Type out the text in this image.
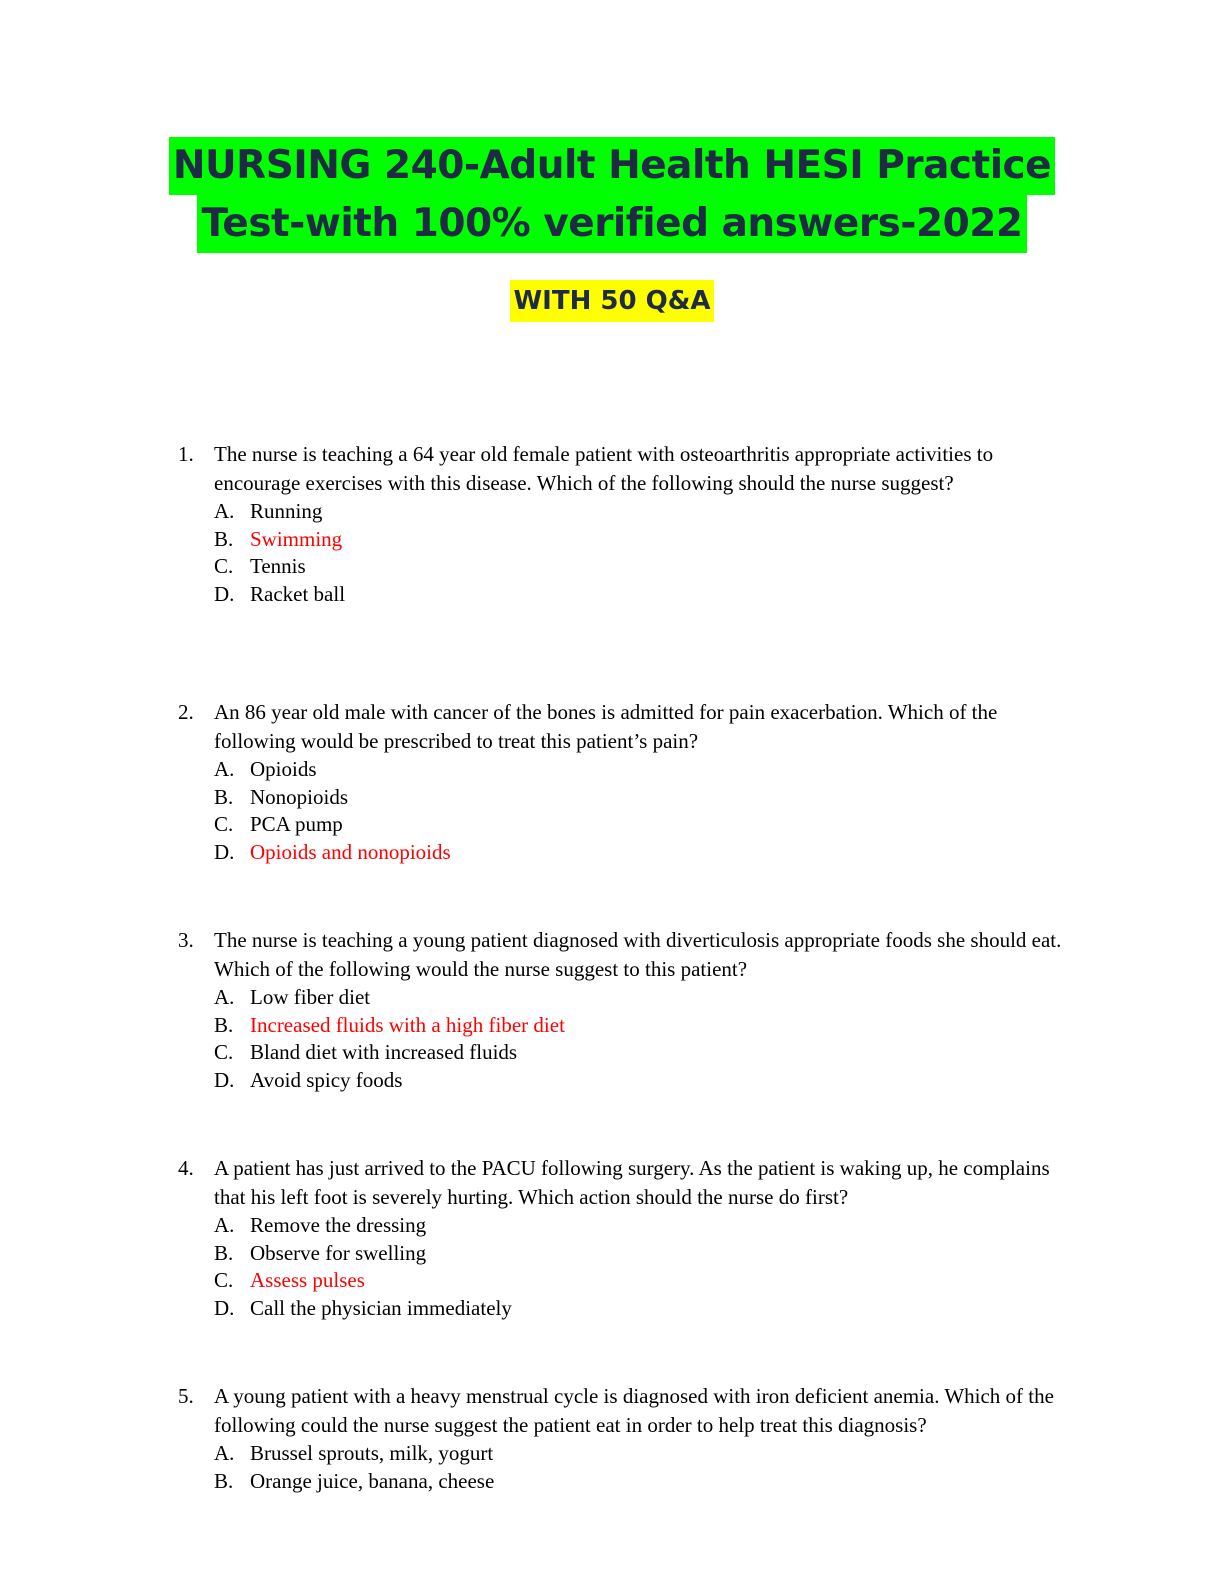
NURSING 240-Adult Health HESI Practice
Test-with 100% verified answers-2022
WITH 50 Q&A
1. The nurse is teaching a 64 year old female patient with osteoarthritis appropriate activities to encourage exercises with this disease. Which of the following should the nurse suggest?
A. Running
B. Swimming
C. Tennis
D. Racket ball
2. An 86 year old male with cancer of the bones is admitted for pain exacerbation. Which of the following would be prescribed to treat this patient’s pain?
A. Opioids
B. Nonopioids
C. PCA pump
D. Opioids and nonopioids
3. The nurse is teaching a young patient diagnosed with diverticulosis appropriate foods she should eat. Which of the following would the nurse suggest to this patient?
A. Low fiber diet
B. Increased fluids with a high fiber diet
C. Bland diet with increased fluids
D. Avoid spicy foods
4. A patient has just arrived to the PACU following surgery. As the patient is waking up, he complains that his left foot is severely hurting. Which action should the nurse do first?
A. Remove the dressing
B. Observe for swelling
C. Assess pulses
D. Call the physician immediately
5. A young patient with a heavy menstrual cycle is diagnosed with iron deficient anemia. Which of the following could the nurse suggest the patient eat in order to help treat this diagnosis?
A. Brussel sprouts, milk, yogurt
B. Orange juice, banana, cheese
